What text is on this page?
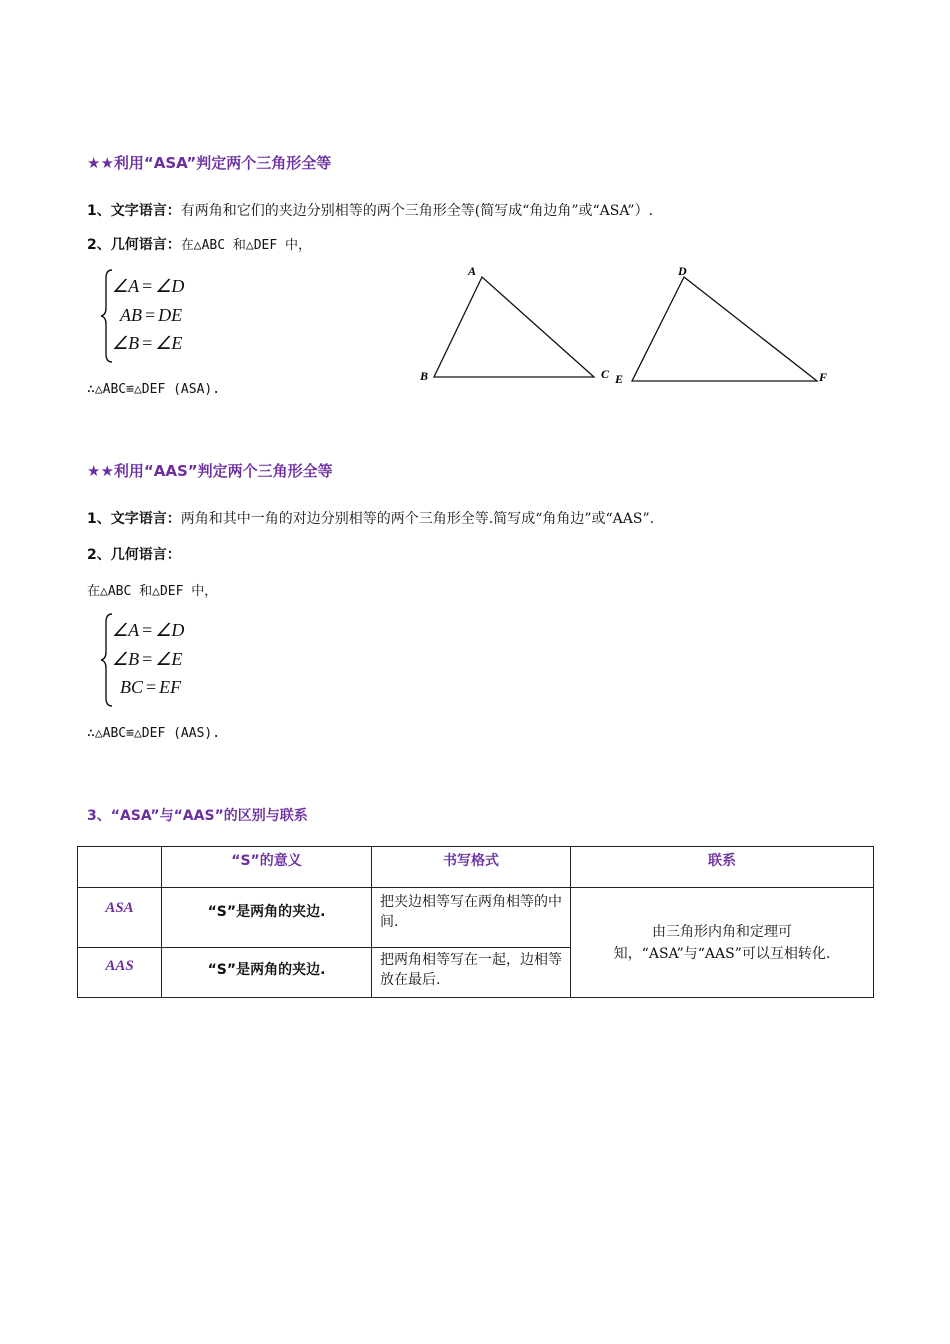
★★利用“ASA”判定两个三角形全等
1、文字语言：有两角和它们的夹边分别相等的两个三角形全等(简写成“角边角”或“ASA”）.
2、几何语言：在△ABC 和△DEF 中，
∠A = ∠D
AB = DE
∠B = ∠E
∴△ABC≌△DEF (ASA).
A
B	C
D
E	F
★★利用“AAS”判定两个三角形全等
1、文字语言：两角和其中一角的对边分别相等的两个三角形全等.简写成“角角边”或“AAS”.
2、几何语言：
在△ABC 和△DEF 中，
∠A = ∠D
∠B = ∠E
BC = EF
∴△ABC≌△DEF (AAS).
3、“ASA”与“AAS”的区别与联系

	“S”的意义	书写格式	联系

ASA	“S”是两角的夹边.	把夹边相等写在两角相等的中间.	由三角形内角和定理可知，“ASA”与“AAS”可以互相转化.

AAS	“S”是两角的夹边.	把两角相等写在一起，边相等放在最后.	
